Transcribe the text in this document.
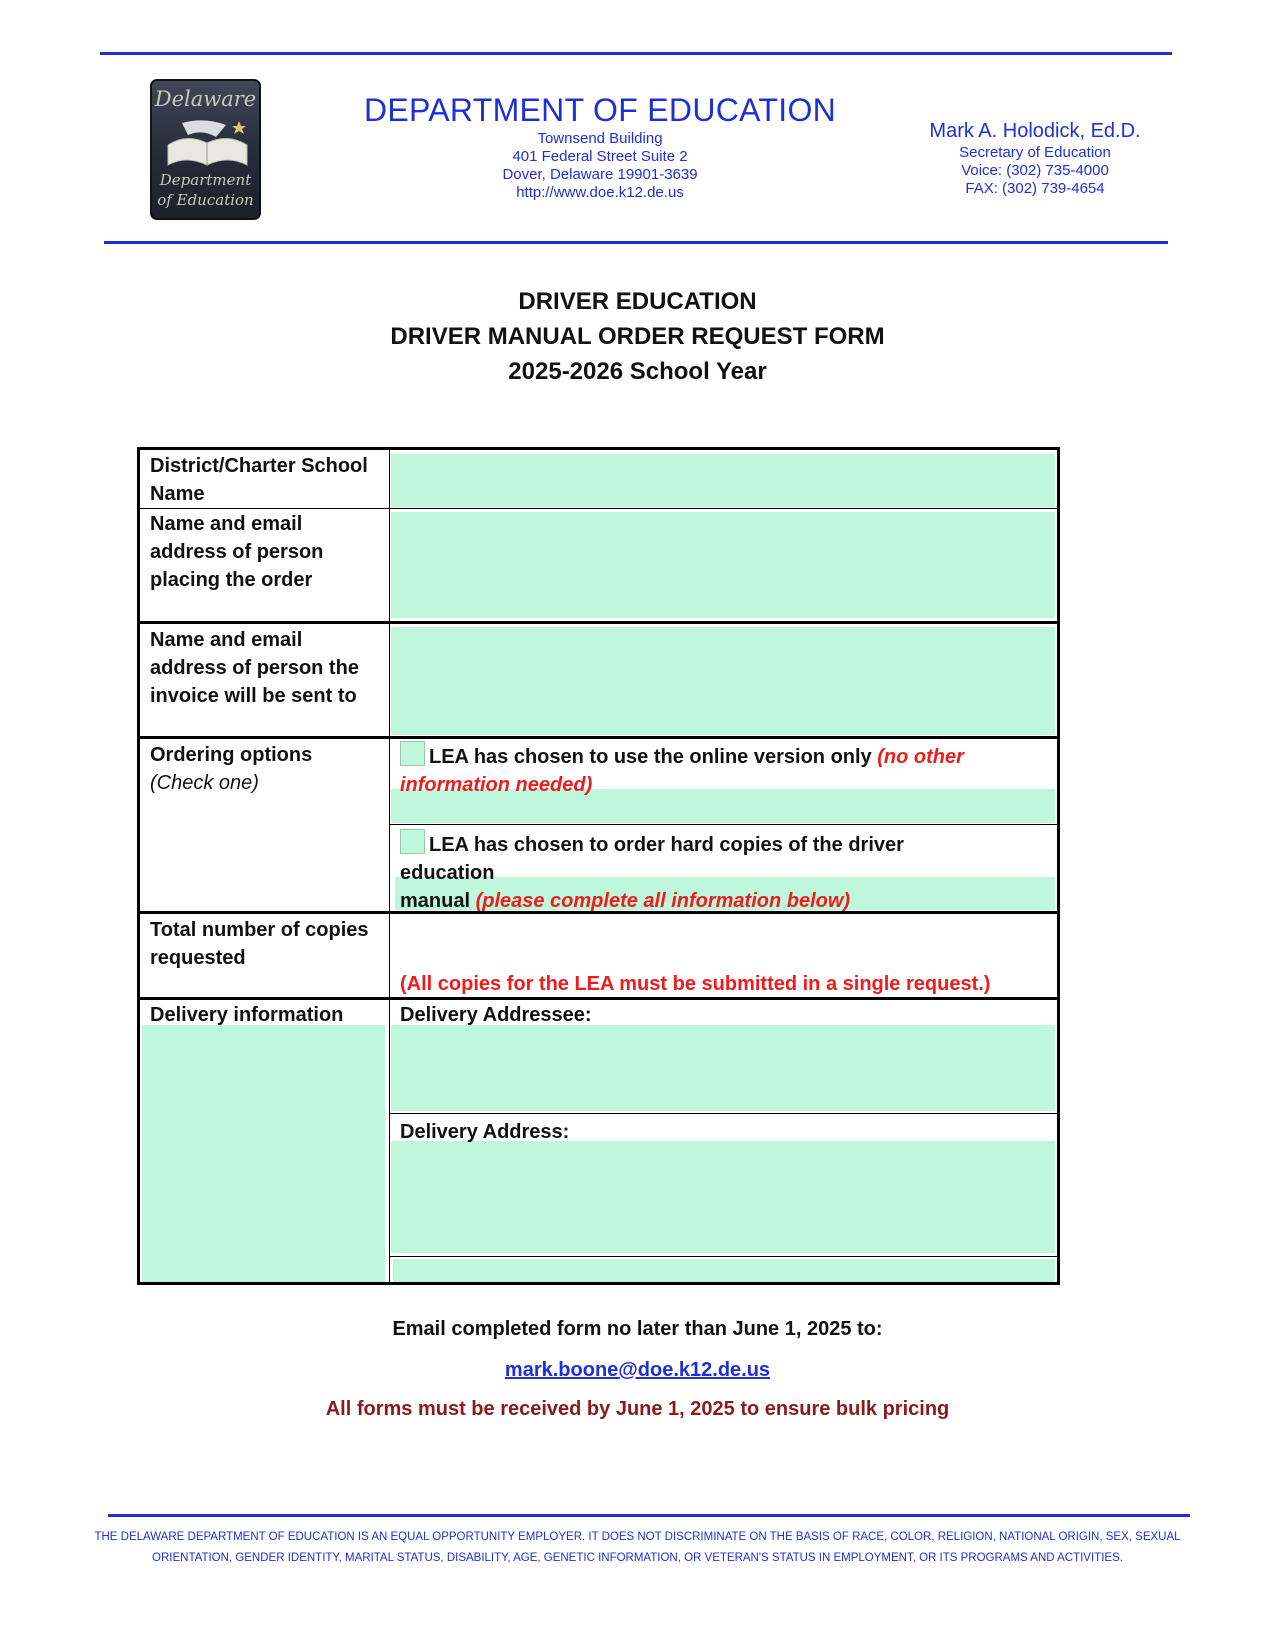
Delaware
Department
of Education
DEPARTMENT OF EDUCATION
Townsend Building
401 Federal Street Suite 2
Dover, Delaware 19901-3639
http://www.doe.k12.de.us
Mark A. Holodick, Ed.D.
Secretary of Education
Voice: (302) 735-4000
FAX: (302) 739-4654
DRIVER EDUCATION
DRIVER MANUAL ORDER REQUEST FORM
2025-2026 School Year
District/Charter School
Name
Name and email
address of person
placing the order
Name and email
address of person the
invoice will be sent to
Ordering options
(Check one)
LEA has chosen to use the online version only (no other
information needed)
LEA has chosen to order hard copies of the driver education
manual (please complete all information below)
Total number of copies
requested
(All copies for the LEA must be submitted in a single request.)
Delivery information	Delivery Addressee:
Delivery Address:
Email completed form no later than June 1, 2025 to:
mark.boone@doe.k12.de.us
All forms must be received by June 1, 2025 to ensure bulk pricing
THE DELAWARE DEPARTMENT OF EDUCATION IS AN EQUAL OPPORTUNITY EMPLOYER. IT DOES NOT DISCRIMINATE ON THE BASIS OF RACE, COLOR, RELIGION, NATIONAL ORIGIN, SEX, SEXUAL
ORIENTATION, GENDER IDENTITY, MARITAL STATUS, DISABILITY, AGE, GENETIC INFORMATION, OR VETERAN'S STATUS IN EMPLOYMENT, OR ITS PROGRAMS AND ACTIVITIES.
